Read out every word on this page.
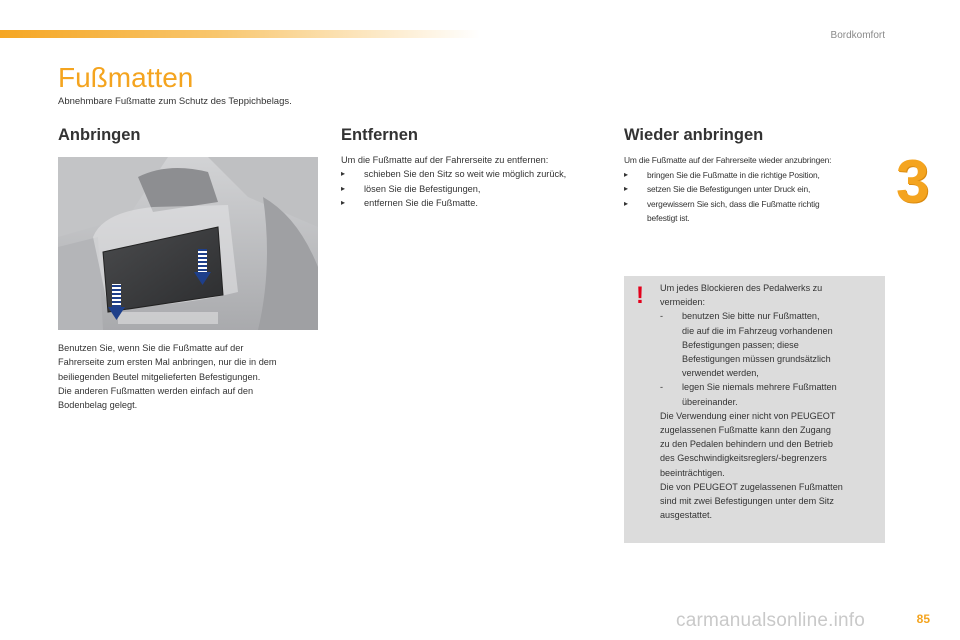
Bordkomfort
3
Fußmatten
Abnehmbare Fußmatte zum Schutz des Teppichbelags.
Anbringen
Benutzen Sie, wenn Sie die Fußmatte auf der
Fahrerseite zum ersten Mal anbringen, nur die in dem
beiliegenden Beutel mitgelieferten Befestigungen.
Die anderen Fußmatten werden einfach auf den
Bodenbelag gelegt.
Entfernen
Um die Fußmatte auf der Fahrerseite zu entfernen:
▸ schieben Sie den Sitz so weit wie möglich zurück,
▸ lösen Sie die Befestigungen,
▸ entfernen Sie die Fußmatte.
Wieder anbringen
Um die Fußmatte auf der Fahrerseite wieder anzubringen:
▸ bringen Sie die Fußmatte in die richtige Position,
▸ setzen Sie die Befestigungen unter Druck ein,
▸ vergewissern Sie sich, dass die Fußmatte richtig
befestigt ist.
! Um jedes Blockieren des Pedalwerks zu
vermeiden:
- benutzen Sie bitte nur Fußmatten,
die auf die im Fahrzeug vorhandenen
Befestigungen passen; diese
Befestigungen müssen grundsätzlich
verwendet werden,
- legen Sie niemals mehrere Fußmatten
übereinander.
Die Verwendung einer nicht von PEUGEOT
zugelassenen Fußmatte kann den Zugang
zu den Pedalen behindern und den Betrieb
des Geschwindigkeitsreglers/-begrenzers
beeinträchtigen.
Die von PEUGEOT zugelassenen Fußmatten
sind mit zwei Befestigungen unter dem Sitz
ausgestattet.
carmanualsonline.info	85
